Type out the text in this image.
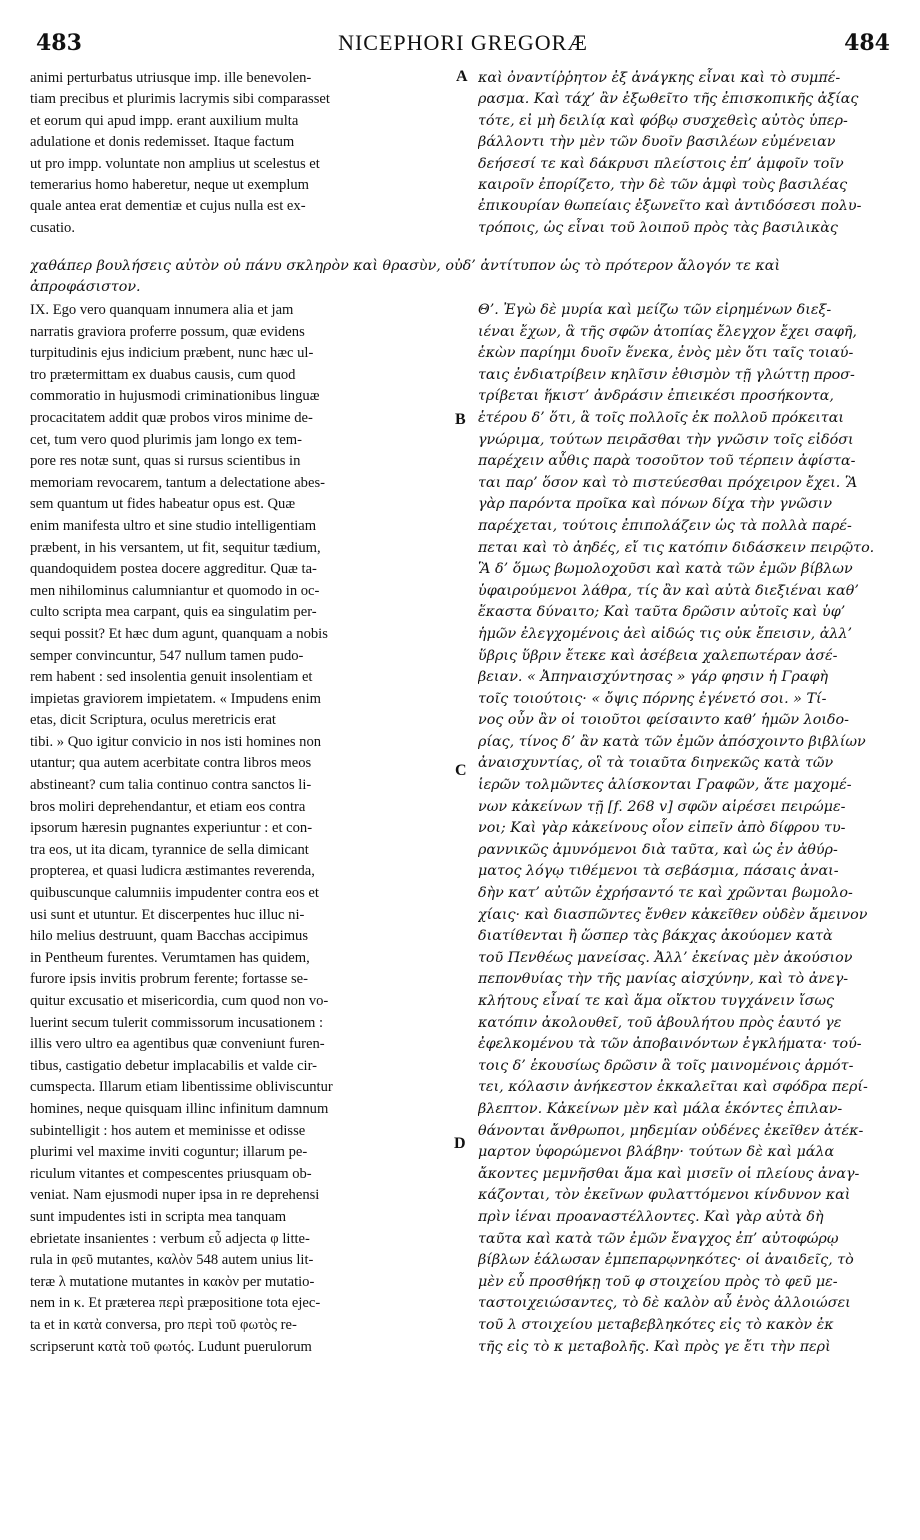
483	NICEPHORI GREGORÆ	484
A
B
C
D
animi perturbatus utriusque imp. ille benevolen-
tiam precibus et plurimis lacrymis sibi comparasset
et eorum qui apud impp. erant auxilium multa
adulatione et donis redemisset. Itaque factum
ut pro impp. voluntate non amplius ut scelestus et
temerarius homo haberetur, neque ut exemplum
quale antea erat dementiæ et cujus nulla est ex-
cusatio.
καὶ ὀναντίῤῥητον ἐξ ἀνάγκης εἶναι καὶ τὸ συμπέ-
ρασμα. Καὶ τάχ’ ἂν ἐξωθεῖτο τῆς ἐπισκοπικῆς ἀξίας
τότε, εἰ μὴ δειλίᾳ καὶ φόβῳ συσχεθεὶς αὐτὸς ὑπερ-
βάλλοντι τὴν μὲν τῶν δυοῖν βασιλέων εὐμένειαν
δεήσεσί τε καὶ δάκρυσι πλείστοις ἐπ’ ἀμφοῖν τοῖν
καιροῖν ἐπορίζετο, τὴν δὲ τῶν ἀμφὶ τοὺς βασιλέας
ἐπικουρίαν θωπείαις ἐξωνεῖτο καὶ ἀντιδόσεσι πολυ-
τρόποις, ὡς εἶναι τοῦ λοιποῦ πρὸς τὰς βασιλικὰς
χαθάπερ βουλήσεις αὐτὸν οὐ πάνυ σκληρὸν καὶ θρασὺν, οὐδ’ ἀντίτυπον ὡς τὸ πρότερον ἄλογόν τε καὶ
ἀπροφάσιστον.
IX. Ego vero quanquam innumera alia et jam
narratis graviora proferre possum, quæ evidens
turpitudinis ejus indicium præbent, nunc hæc ul-
tro prætermittam ex duabus causis, cum quod
commoratio in hujusmodi criminationibus linguæ
procacitatem addit quæ probos viros minime de-
cet, tum vero quod plurimis jam longo ex tem-
pore res notæ sunt, quas si rursus scientibus in
memoriam revocarem, tantum a delectatione abes-
sem quantum ut fides habeatur opus est. Quæ
enim manifesta ultro et sine studio intelligentiam
præbent, in his versantem, ut fit, sequitur tædium,
quandoquidem postea docere aggreditur. Quæ ta-
men nihilominus calumniantur et quomodo in oc-
culto scripta mea carpant, quis ea singulatim per-
sequi possit? Et hæc dum agunt, quanquam a nobis
semper convincuntur, 547 nullum tamen pudo-
rem habent : sed insolentia genuit insolentiam et
impietas graviorem impietatem. « Impudens enim
etas, dicit Scriptura, oculus meretricis erat
tibi. » Quo igitur convicio in nos isti homines non
utantur; qua autem acerbitate contra libros meos
abstineant? cum talia continuo contra sanctos li-
bros moliri deprehendantur, et etiam eos contra
ipsorum hæresin pugnantes experiuntur : et con-
tra eos, ut ita dicam, tyrannice de sella dimicant
propterea, et quasi ludicra æstimantes reverenda,
quibuscunque calumniis impudenter contra eos et
usi sunt et utuntur. Et discerpentes huc illuc ni-
hilo melius destruunt, quam Bacchas accipimus
in Pentheum furentes. Verumtamen has quidem,
furore ipsis invitis probrum ferente; fortasse se-
quitur excusatio et misericordia, cum quod non vo-
luerint secum tulerit commissorum incusationem :
illis vero ultro ea agentibus quæ conveniunt furen-
tibus, castigatio debetur implacabilis et valde cir-
cumspecta. Illarum etiam libentissime obliviscuntur
homines, neque quisquam illinc infinitum damnum
subintelligit : hos autem et meminisse et odisse
plurimi vel maxime inviti coguntur; illarum pe-
riculum vitantes et compescentes priusquam ob-
veniat. Nam ejusmodi nuper ipsa in re deprehensi
sunt impudentes isti in scripta mea tanquam
ebrietate insanientes : verbum εὖ adjecta φ litte-
rula in φεῦ mutantes, καλὸν 548 autem unius lit-
teræ λ mutatione mutantes in κακὸν per mutatio-
nem in κ. Et præterea περὶ præpositione tota ejec-
ta et in κατὰ conversa, pro περὶ τοῦ φωτὸς re-
scripserunt κατὰ τοῦ φωτός. Ludunt puerulorum
Θ’. Ἐγὼ δὲ μυρία καὶ μείζω τῶν εἰρημένων διεξ-
ιέναι ἔχων, ἃ τῆς σφῶν ἀτοπίας ἔλεγχον ἔχει σαφῆ,
ἑκὼν παρίημι δυοῖν ἕνεκα, ἑνὸς μὲν ὅτι ταῖς τοιαύ-
ταις ἐνδιατρίβειν κηλῖσιν ἐθισμὸν τῇ γλώττῃ προσ-
τρίβεται ἥκιστ’ ἀνδράσιν ἐπιεικέσι προσήκοντα,
ἑτέρου δ’ ὅτι, ἃ τοῖς πολλοῖς ἐκ πολλοῦ πρόκειται
γνώριμα, τούτων πειρᾶσθαι τὴν γνῶσιν τοῖς εἰδόσι
παρέχειν αὖθις παρὰ τοσοῦτον τοῦ τέρπειν ἀφίστα-
ται παρ’ ὅσον καὶ τὸ πιστεύεσθαι πρόχειρον ἔχει. Ἃ
γὰρ παρόντα προῖκα καὶ πόνων δίχα τὴν γνῶσιν
παρέχεται, τούτοις ἐπιπολάζειν ὡς τὰ πολλὰ παρέ-
πεται καὶ τὸ ἀηδές, εἴ τις κατόπιν διδάσκειν πειρῷτο.
Ἃ δ’ ὅμως βωμολοχοῦσι καὶ κατὰ τῶν ἐμῶν βίβλων
ὑφαιρούμενοι λάθρα, τίς ἂν καὶ αὐτὰ διεξιέναι καθ’
ἕκαστα δύναιτο; Καὶ ταῦτα δρῶσιν αὐτοῖς καὶ ὑφ’
ἡμῶν ἐλεγχομένοις ἀεὶ αἰδώς τις οὐκ ἔπεισιν, ἀλλ’
ὕβρις ὕβριν ἔτεκε καὶ ἀσέβεια χαλεπωτέραν ἀσέ-
βειαν. « Ἀπηναισχύντησας » γάρ φησιν ἡ Γραφὴ
τοῖς τοιούτοις· « ὄψις πόρνης ἐγένετό σοι. » Τί-
νος οὖν ἂν οἱ τοιοῦτοι φείσαιντο καθ’ ἡμῶν λοιδο-
ρίας, τίνος δ’ ἂν κατὰ τῶν ἐμῶν ἀπόσχοιντο βιβλίων
ἀναισχυντίας, οἳ τὰ τοιαῦτα διηνεκῶς κατὰ τῶν
ἱερῶν τολμῶντες ἁλίσκονται Γραφῶν, ἅτε μαχομέ-
νων κἀκείνων τῇ [f. 268 v] σφῶν αἱρέσει πειρώμε-
νοι; Καὶ γὰρ κἀκείνους οἷον εἰπεῖν ἀπὸ δίφρου τυ-
ραννικῶς ἀμυνόμενοι διὰ ταῦτα, καὶ ὡς ἐν ἀθύρ-
ματος λόγῳ τιθέμενοι τὰ σεβάσμια, πάσαις ἀναι-
δὴν κατ’ αὐτῶν ἐχρήσαντό τε καὶ χρῶνται βωμολο-
χίαις· καὶ διασπῶντες ἔνθεν κἀκεῖθεν οὐδὲν ἄμεινον
διατίθενται ἢ ὥσπερ τὰς βάκχας ἀκούομεν κατὰ
τοῦ Πενθέως μανείσας. Ἀλλ’ ἐκείνας μὲν ἀκούσιον
πεπονθυίας τὴν τῆς μανίας αἰσχύνην, καὶ τὸ ἀνεγ-
κλήτους εἶναί τε καὶ ἅμα οἴκτου τυγχάνειν ἴσως
κατόπιν ἀκολουθεῖ, τοῦ ἀβουλήτου πρὸς ἑαυτό γε
ἐφελκομένου τὰ τῶν ἀποβαινόντων ἐγκλήματα· τού-
τοις δ’ ἑκουσίως δρῶσιν ἃ τοῖς μαινομένοις ἁρμότ-
τει, κόλασιν ἀνήκεστον ἐκκαλεῖται καὶ σφόδρα περί-
βλεπτον. Κἀκείνων μὲν καὶ μάλα ἑκόντες ἐπιλαν-
θάνονται ἄνθρωποι, μηδεμίαν οὐδένες ἐκεῖθεν ἀτέκ-
μαρτον ὑφορώμενοι βλάβην· τούτων δὲ καὶ μάλα
ἄκοντες μεμνῆσθαι ἅμα καὶ μισεῖν οἱ πλείους ἀναγ-
κάζονται, τὸν ἐκεῖνων φυλαττόμενοι κίνδυνον καὶ
πρὶν ἰέναι προαναστέλλοντες. Καὶ γὰρ αὐτὰ δὴ
ταῦτα καὶ κατὰ τῶν ἐμῶν ἔναγχος ἐπ’ αὐτοφώρῳ
βίβλων ἑάλωσαν ἐμπεπαρῳνηκότες· οἱ ἀναιδεῖς, τὸ
μὲν εὖ προσθήκῃ τοῦ φ στοιχείου πρὸς τὸ φεῦ με-
ταστοιχειώσαντες, τὸ δὲ καλὸν αὖ ἑνὸς ἀλλοιώσει
τοῦ λ στοιχείου μεταβεβληκότες εἰς τὸ κακὸν ἐκ
τῆς εἰς τὸ κ μεταβολῆς. Καὶ πρὸς γε ἔτι τὴν περὶ
